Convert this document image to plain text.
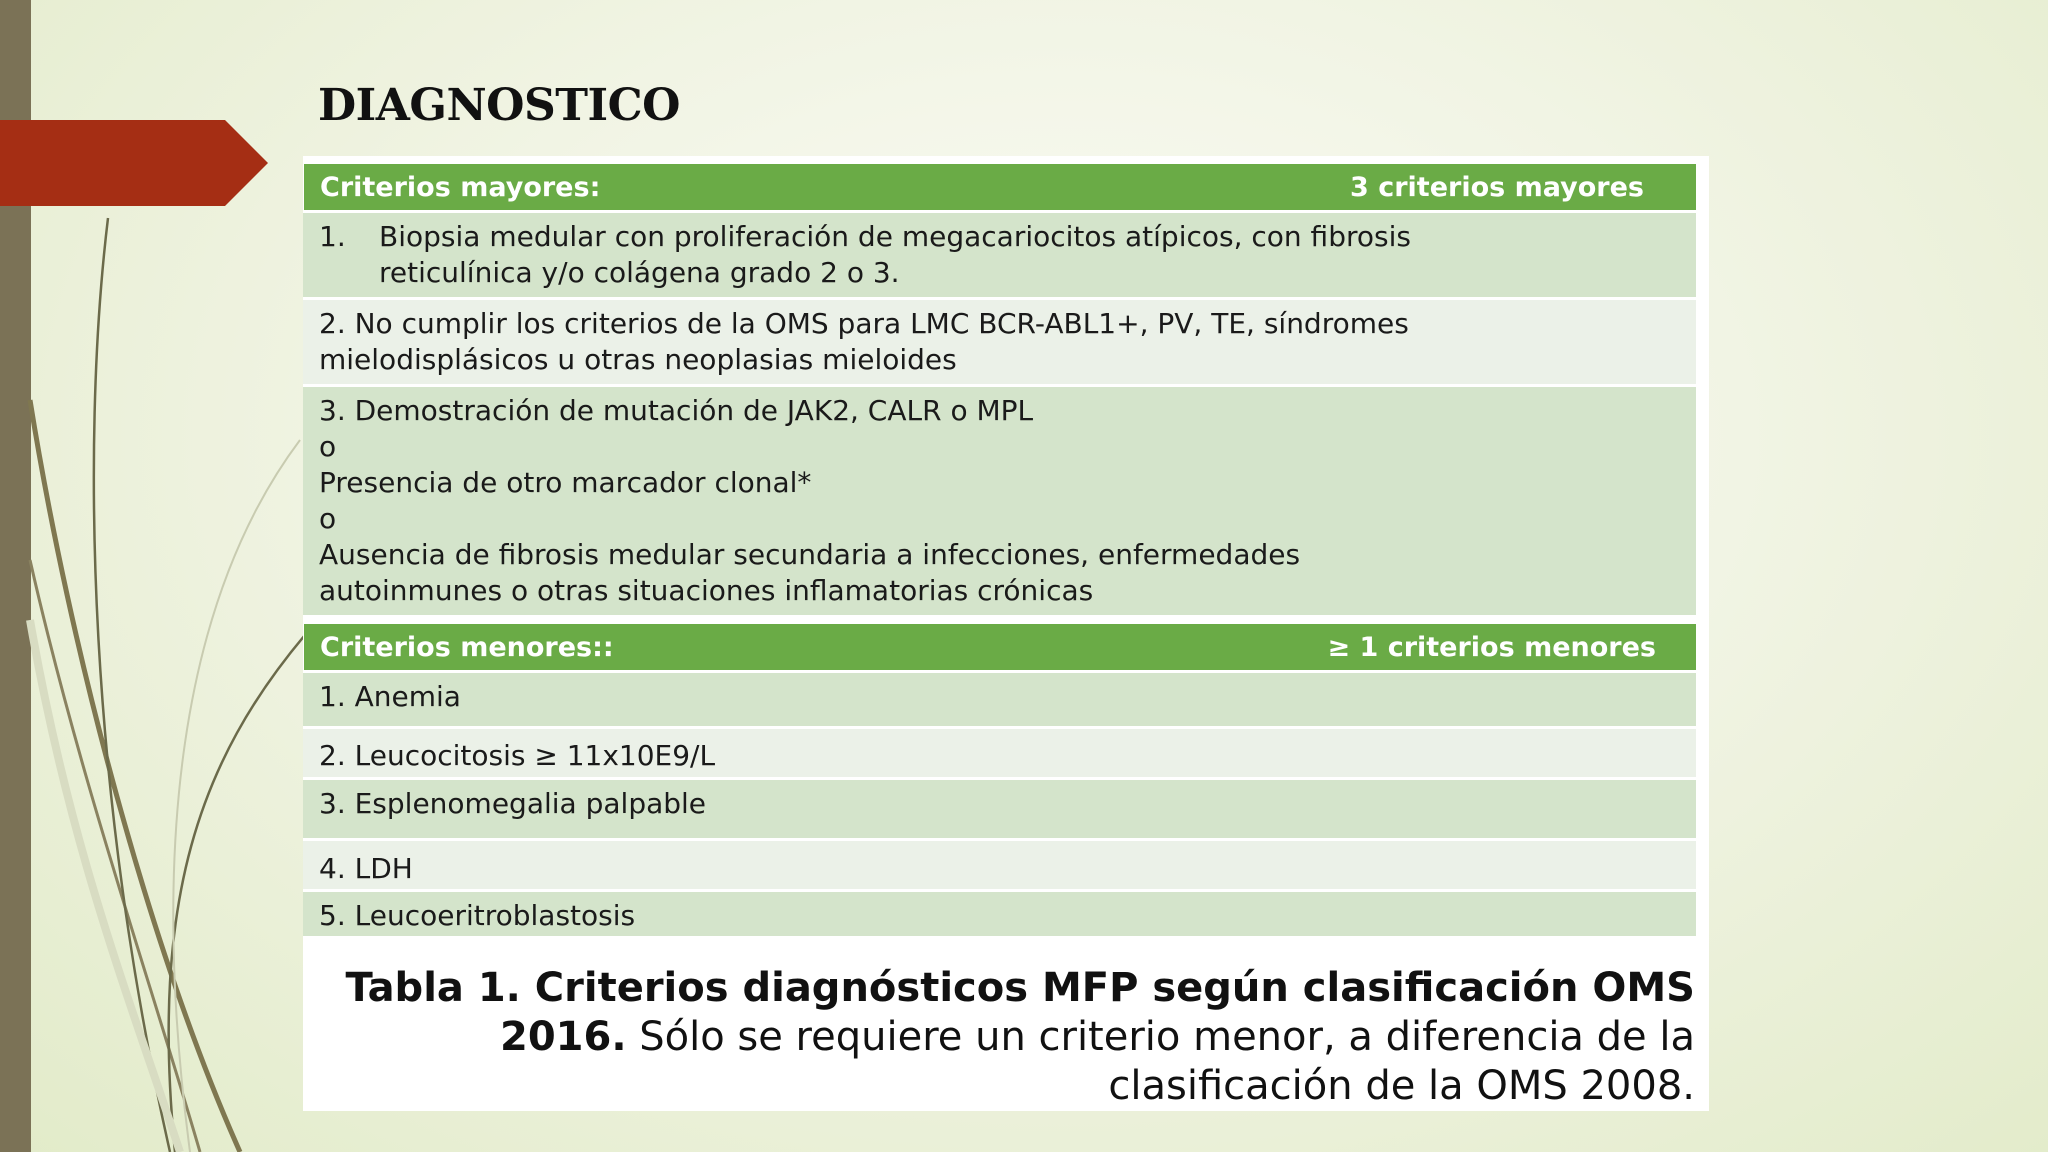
DIAGNOSTICO
Criterios mayores:	3 criterios mayores
1. Biopsia medular con proliferación de megacariocitos atípicos, con fibrosis
reticulínica y/o colágena grado 2 o 3.
2. No cumplir los criterios de la OMS para LMC BCR-ABL1+, PV, TE, síndromes
mielodisplásicos u otras neoplasias mieloides
3. Demostración de mutación de JAK2, CALR o MPL
o
Presencia de otro marcador clonal*
o
Ausencia de fibrosis medular secundaria a infecciones, enfermedades
autoinmunes o otras situaciones inflamatorias crónicas
Criterios menores::	≥ 1 criterios menores
1. Anemia
2. Leucocitosis ≥ 11x10E9/L
3. Esplenomegalia palpable
4. LDH
5. Leucoeritroblastosis
Tabla 1. Criterios diagnósticos MFP según clasificación OMS 2016. Sólo se requiere un criterio menor, a diferencia de la clasificación de la OMS 2008.
